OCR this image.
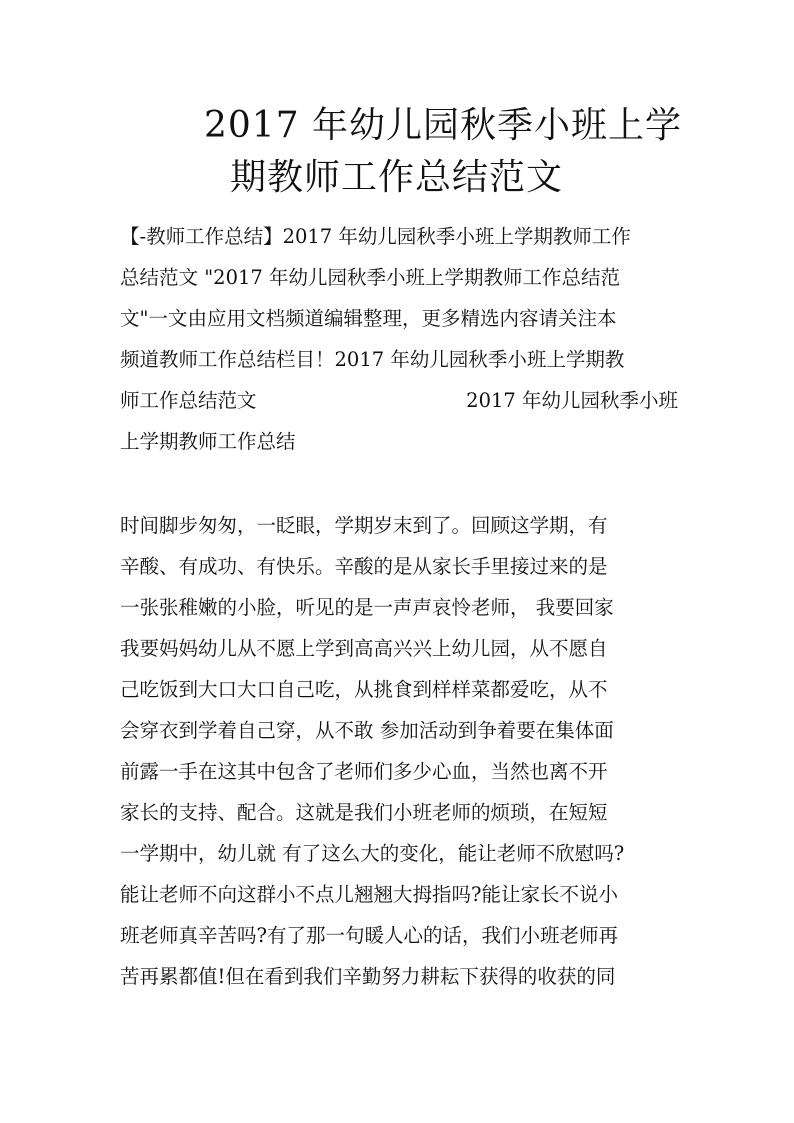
2017 年幼儿园秋季小班上学
期教师工作总结范文
【-教师工作总结】2017 年幼儿园秋季小班上学期教师工作
总结范文 "2017 年幼儿园秋季小班上学期教师工作总结范
文"一文由应用文档频道编辑整理，更多精选内容请关注本
频道教师工作总结栏目！2017 年幼儿园秋季小班上学期教
师工作总结范文	2017 年幼儿园秋季小班
上学期教师工作总结
时间脚步匆匆，一眨眼，学期岁末到了。回顾这学期，有
辛酸、有成功、有快乐。辛酸的是从家长手里接过来的是
一张张稚嫩的小脸，听见的是一声声哀怜老师， 我要回家
我要妈妈幼儿从不愿上学到高高兴兴上幼儿园，从不愿自
己吃饭到大口大口自己吃，从挑食到样样菜都爱吃，从不
会穿衣到学着自己穿，从不敢 参加活动到争着要在集体面
前露一手在这其中包含了老师们多少心血，当然也离不开
家长的支持、配合。这就是我们小班老师的烦琐，在短短
一学期中，幼儿就 有了这么大的变化，能让老师不欣慰吗?
能让老师不向这群小不点儿翘翘大拇指吗?能让家长不说小
班老师真辛苦吗?有了那一句暖人心的话，我们小班老师再
苦再累都值!但在看到我们辛勤努力耕耘下获得的收获的同
